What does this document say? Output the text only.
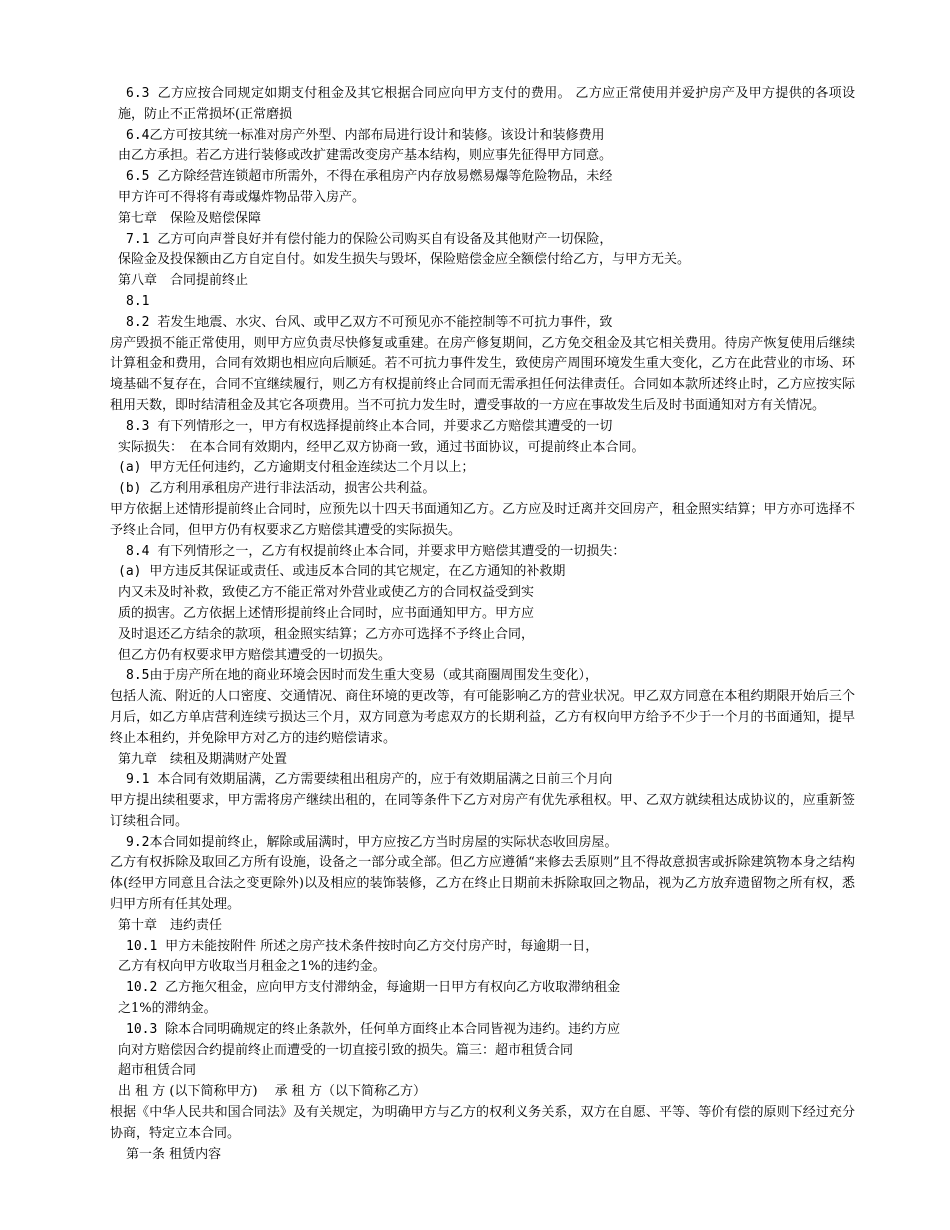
6.3 乙方应按合同规定如期支付租金及其它根据合同应向甲方支付的费用。 乙方应正常使用并爱护房产及甲方提供的各项设施，防止不正常损坏(正常磨损

6.4乙方可按其统一标准对房产外型、内部布局进行设计和装修。该设计和装修费用

由乙方承担。若乙方进行装修或改扩建需改变房产基本结构，则应事先征得甲方同意。

6.5 乙方除经营连锁超市所需外，不得在承租房产内存放易燃易爆等危险物品，未经

甲方许可不得将有毒或爆炸物品带入房产。

第七章　保险及赔偿保障

7.1 乙方可向声誉良好并有偿付能力的保险公司购买自有设备及其他财产一切保险，

保险金及投保额由乙方自定自付。如发生损失与毁坏，保险赔偿金应全额偿付给乙方，与甲方无关。

第八章　合同提前终止

8.1

8.2 若发生地震、水灾、台风、或甲乙双方不可预见亦不能控制等不可抗力事件，致

房产毁损不能正常使用，则甲方应负责尽快修复或重建。在房产修复期间，乙方免交租金及其它相关费用。待房产恢复使用后继续计算租金和费用，合同有效期也相应向后顺延。若不可抗力事件发生，致使房产周围环境发生重大变化，乙方在此营业的市场、环境基础不复存在，合同不宜继续履行，则乙方有权提前终止合同而无需承担任何法律责任。合同如本款所述终止时，乙方应按实际租用天数，即时结清租金及其它各项费用。当不可抗力发生时，遭受事故的一方应在事故发生后及时书面通知对方有关情况。

8.3 有下列情形之一，甲方有权选择提前终止本合同，并要求乙方赔偿其遭受的一切

实际损失：　在本合同有效期内，经甲乙双方协商一致，通过书面协议，可提前终止本合同。

(a) 甲方无任何违约，乙方逾期支付租金连续达二个月以上；

(b) 乙方利用承租房产进行非法活动，损害公共利益。

甲方依据上述情形提前终止合同时，应预先以十四天书面通知乙方。乙方应及时迁离并交回房产，租金照实结算；甲方亦可选择不予终止合同，但甲方仍有权要求乙方赔偿其遭受的实际损失。

8.4 有下列情形之一，乙方有权提前终止本合同，并要求甲方赔偿其遭受的一切损失：

(a) 甲方违反其保证或责任、或违反本合同的其它规定，在乙方通知的补救期

内又未及时补救，致使乙方不能正常对外营业或使乙方的合同权益受到实

质的损害。乙方依据上述情形提前终止合同时，应书面通知甲方。甲方应

及时退还乙方结余的款项，租金照实结算；乙方亦可选择不予终止合同，

但乙方仍有权要求甲方赔偿其遭受的一切损失。

8.5由于房产所在地的商业环境会因时而发生重大变易（或其商圈周围发生变化），

包括人流、附近的人口密度、交通情况、商住环境的更改等，有可能影响乙方的营业状况。甲乙双方同意在本租约期限开始后三个月后，如乙方单店营利连续亏损达三个月，双方同意为考虑双方的长期利益，乙方有权向甲方给予不少于一个月的书面通知，提早终止本租约，并免除甲方对乙方的违约赔偿请求。

第九章　续租及期满财产处置

9.1 本合同有效期届满，乙方需要续租出租房产的，应于有效期届满之日前三个月向

甲方提出续租要求，甲方需将房产继续出租的，在同等条件下乙方对房产有优先承租权。甲、乙双方就续租达成协议的，应重新签订续租合同。

9.2本合同如提前终止，解除或届满时，甲方应按乙方当时房屋的实际状态收回房屋。

乙方有权拆除及取回乙方所有设施，设备之一部分或全部。但乙方应遵循“来修去丢原则”且不得故意损害或拆除建筑物本身之结构体(经甲方同意且合法之变更除外)以及相应的装饰装修，乙方在终止日期前未拆除取回之物品，视为乙方放弃遗留物之所有权，悉归甲方所有任其处理。

第十章　违约责任

10.1 甲方未能按附件 所述之房产技术条件按时向乙方交付房产时，每逾期一日，

乙方有权向甲方收取当月租金之1%的违约金。

10.2 乙方拖欠租金，应向甲方支付滞纳金，每逾期一日甲方有权向乙方收取滞纳租金

之1%的滞纳金。

10.3 除本合同明确规定的终止条款外，任何单方面终止本合同皆视为违约。违约方应

向对方赔偿因合约提前终止而遭受的一切直接引致的损失。篇三：超市租赁合同

超市租赁合同

出 租 方 (以下简称甲方)　 承 租 方（以下简称乙方）

根据《中华人民共和国合同法》及有关规定，为明确甲方与乙方的权利义务关系，双方在自愿、平等、等价有偿的原则下经过充分协商，特定立本合同。

第一条 租赁内容
